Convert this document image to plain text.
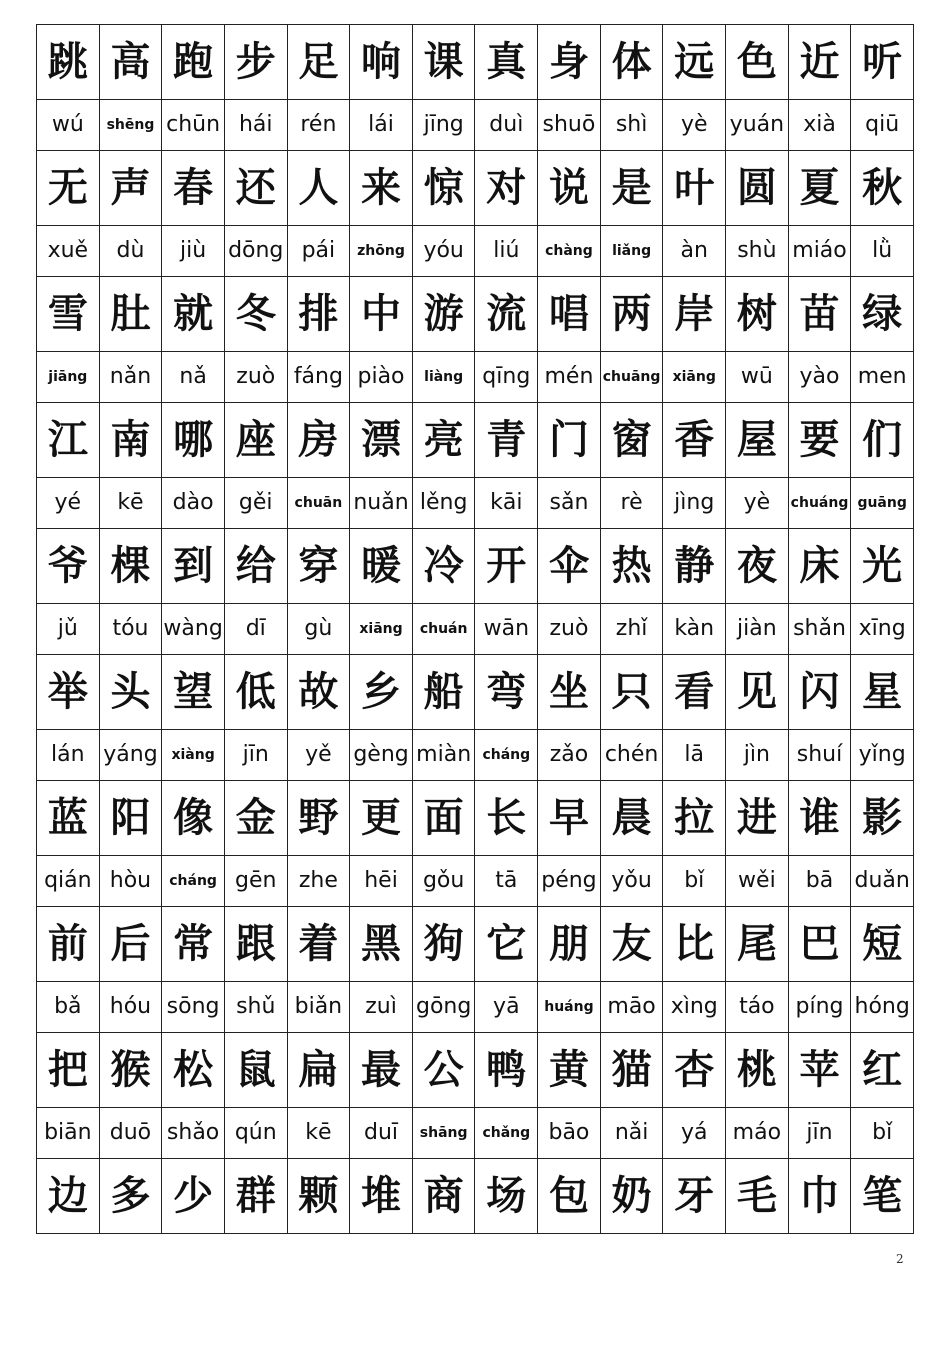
跳	高	跑	步	足	响	课	真	身	体	远	色	近	听
wú	shēng	chūn	hái	rén	lái	jīng	duì	shuō	shì	yè	yuán	xià	qiū
无	声	春	还	人	来	惊	对	说	是	叶	圆	夏	秋
xuě	dù	jiù	dōng	pái	zhōng	yóu	liú	chàng	liǎng	àn	shù	miáo	lǜ
雪	肚	就	冬	排	中	游	流	唱	两	岸	树	苗	绿
jiāng	nǎn	nǎ	zuò	fáng	piào	liàng	qīng	mén	chuāng	xiāng	wū	yào	men
江	南	哪	座	房	漂	亮	青	门	窗	香	屋	要	们
yé	kē	dào	gěi	chuān	nuǎn	lěng	kāi	sǎn	rè	jìng	yè	chuáng	guāng
爷	棵	到	给	穿	暖	冷	开	伞	热	静	夜	床	光
jǔ	tóu	wàng	dī	gù	xiāng	chuán	wān	zuò	zhǐ	kàn	jiàn	shǎn	xīng
举	头	望	低	故	乡	船	弯	坐	只	看	见	闪	星
lán	yáng	xiàng	jīn	yě	gèng	miàn	cháng	zǎo	chén	lā	jìn	shuí	yǐng
蓝	阳	像	金	野	更	面	长	早	晨	拉	进	谁	影
qián	hòu	cháng	gēn	zhe	hēi	gǒu	tā	péng	yǒu	bǐ	wěi	bā	duǎn
前	后	常	跟	着	黑	狗	它	朋	友	比	尾	巴	短
bǎ	hóu	sōng	shǔ	biǎn	zuì	gōng	yā	huáng	māo	xìng	táo	píng	hóng
把	猴	松	鼠	扁	最	公	鸭	黄	猫	杏	桃	苹	红
biān	duō	shǎo	qún	kē	duī	shāng	chǎng	bāo	nǎi	yá	máo	jīn	bǐ
边	多	少	群	颗	堆	商	场	包	奶	牙	毛	巾	笔
2
